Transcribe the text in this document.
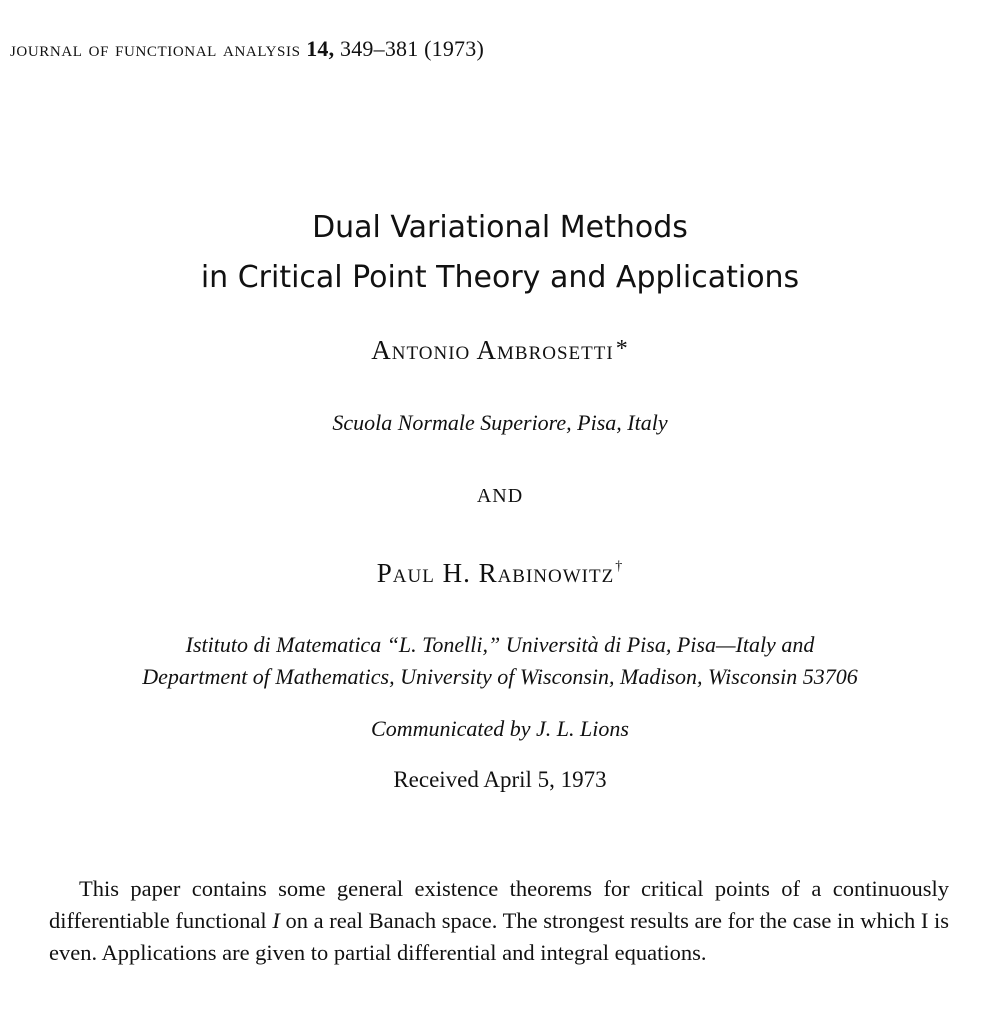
journal of functional analysis 14, 349–381 (1973)
Dual Variational Methods
in Critical Point Theory and Applications
Antonio Ambrosetti*
Scuola Normale Superiore, Pisa, Italy
AND
Paul H. Rabinowitz†
Istituto di Matematica “L. Tonelli,” Università di Pisa, Pisa—Italy and
Department of Mathematics, University of Wisconsin, Madison, Wisconsin 53706
Communicated by J. L. Lions
Received April 5, 1973
This paper contains some general existence theorems for critical points of a continuously differentiable functional I on a real Banach space. The strongest results are for the case in which I is even. Applications are given to partial differential and integral equations.
